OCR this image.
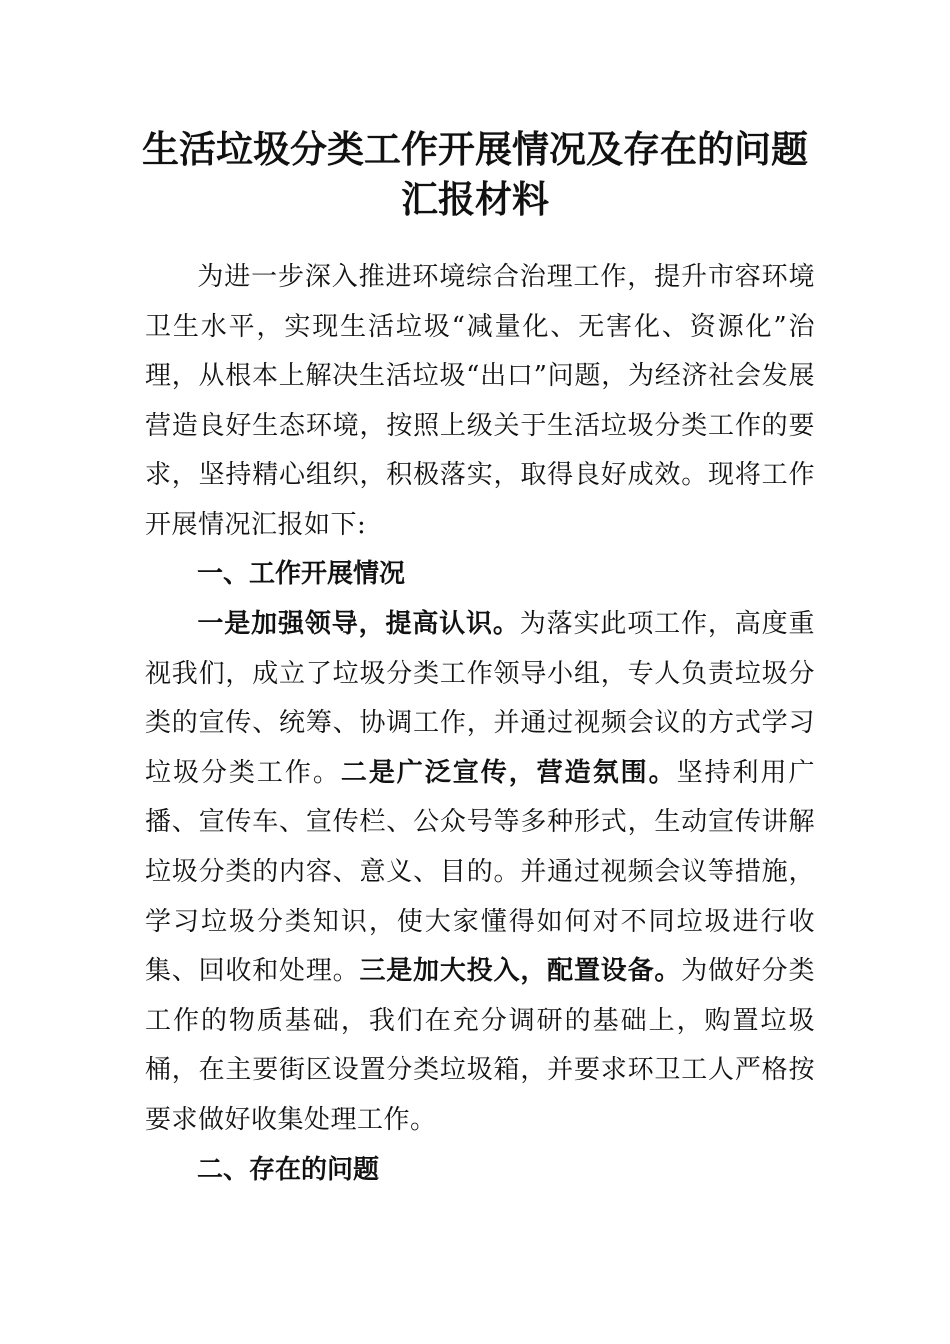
生活垃圾分类工作开展情况及存在的问题
汇报材料

为进一步深入推进环境综合治理工作，提升市容环境卫生水平，实现生活垃圾“减量化、无害化、资源化”治理，从根本上解决生活垃圾“出口”问题，为经济社会发展营造良好生态环境，按照上级关于生活垃圾分类工作的要求，坚持精心组织，积极落实，取得良好成效。现将工作开展情况汇报如下:

一、工作开展情况

一是加强领导，提高认识。为落实此项工作，高度重视我们，成立了垃圾分类工作领导小组，专人负责垃圾分类的宣传、统筹、协调工作，并通过视频会议的方式学习垃圾分类工作。二是广泛宣传，营造氛围。坚持利用广播、宣传车、宣传栏、公众号等多种形式，生动宣传讲解垃圾分类的内容、意义、目的。并通过视频会议等措施，学习垃圾分类知识，使大家懂得如何对不同垃圾进行收集、回收和处理。三是加大投入，配置设备。为做好分类工作的物质基础，我们在充分调研的基础上，购置垃圾桶，在主要街区设置分类垃圾箱，并要求环卫工人严格按要求做好收集处理工作。

二、存在的问题
